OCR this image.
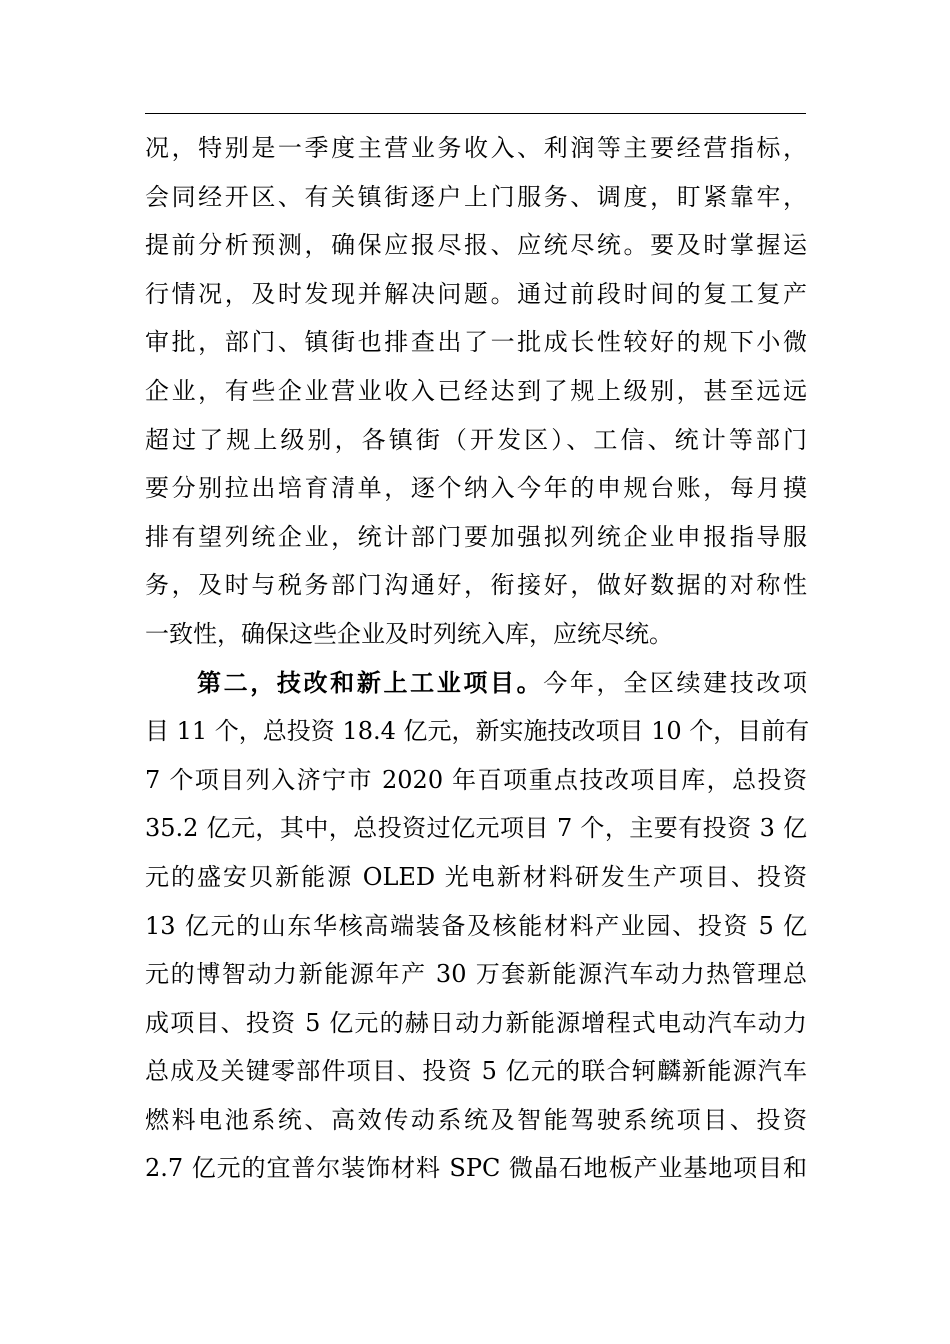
况，特别是一季度主营业务收入、利润等主要经营指标，
会同经开区、有关镇街逐户上门服务、调度，盯紧靠牢，
提前分析预测，确保应报尽报、应统尽统。要及时掌握运
行情况，及时发现并解决问题。通过前段时间的复工复产
审批，部门、镇街也排查出了一批成长性较好的规下小微
企业，有些企业营业收入已经达到了规上级别，甚至远远
超过了规上级别，各镇街（开发区）、工信、统计等部门
要分别拉出培育清单，逐个纳入今年的申规台账，每月摸
排有望列统企业，统计部门要加强拟列统企业申报指导服
务，及时与税务部门沟通好，衔接好，做好数据的对称性
一致性，确保这些企业及时列统入库，应统尽统。
第二，技改和新上工业项目。今年，全区续建技改项
目 11 个，总投资 18.4 亿元，新实施技改项目 10 个，目前有
7 个项目列入济宁市 2020 年百项重点技改项目库，总投资
35.2 亿元，其中，总投资过亿元项目 7 个，主要有投资 3 亿
元的盛安贝新能源 OLED 光电新材料研发生产项目、投资
13 亿元的山东华核高端装备及核能材料产业园、投资 5 亿
元的博智动力新能源年产 30 万套新能源汽车动力热管理总
成项目、投资 5 亿元的赫日动力新能源增程式电动汽车动力
总成及关键零部件项目、投资 5 亿元的联合轲麟新能源汽车
燃料电池系统、高效传动系统及智能驾驶系统项目、投资
2.7 亿元的宜普尔装饰材料 SPC 微晶石地板产业基地项目和
